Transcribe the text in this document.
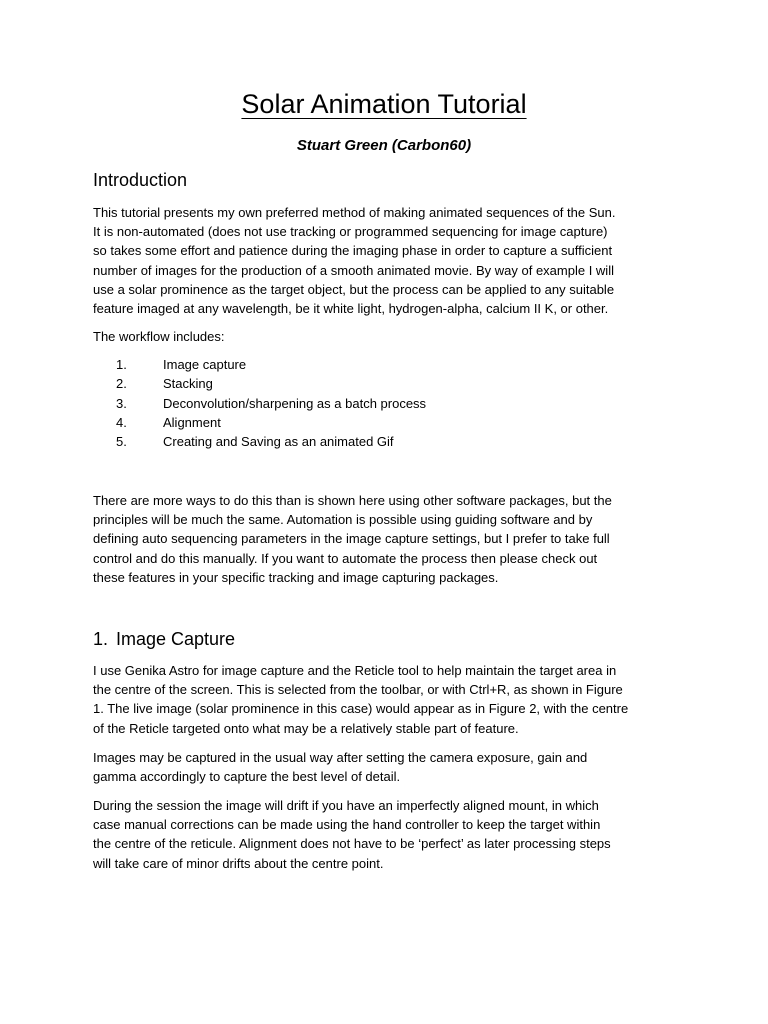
Solar Animation Tutorial
Stuart Green (Carbon60)
Introduction
This tutorial presents my own preferred method of making animated sequences of the Sun.
It is non-automated (does not use tracking or programmed sequencing for image capture)
so takes some effort and patience during the imaging phase in order to capture a sufficient
number of images for the production of a smooth animated movie. By way of example I will
use a solar prominence as the target object, but the process can be applied to any suitable
feature imaged at any wavelength, be it white light, hydrogen-alpha, calcium II K, or other.
The workflow includes:
1.	Image capture
2.	Stacking
3.	Deconvolution/sharpening as a batch process
4.	Alignment
5.	Creating and Saving as an animated Gif
There are more ways to do this than is shown here using other software packages, but the
principles will be much the same. Automation is possible using guiding software and by
defining auto sequencing parameters in the image capture settings, but I prefer to take full
control and do this manually. If you want to automate the process then please check out
these features in your specific tracking and image capturing packages.
1. Image Capture
I use Genika Astro for image capture and the Reticle tool to help maintain the target area in
the centre of the screen. This is selected from the toolbar, or with Ctrl+R, as shown in Figure
1. The live image (solar prominence in this case) would appear as in Figure 2, with the centre
of the Reticle targeted onto what may be a relatively stable part of feature.
Images may be captured in the usual way after setting the camera exposure, gain and
gamma accordingly to capture the best level of detail.
During the session the image will drift if you have an imperfectly aligned mount, in which
case manual corrections can be made using the hand controller to keep the target within
the centre of the reticule. Alignment does not have to be ‘perfect’ as later processing steps
will take care of minor drifts about the centre point.
